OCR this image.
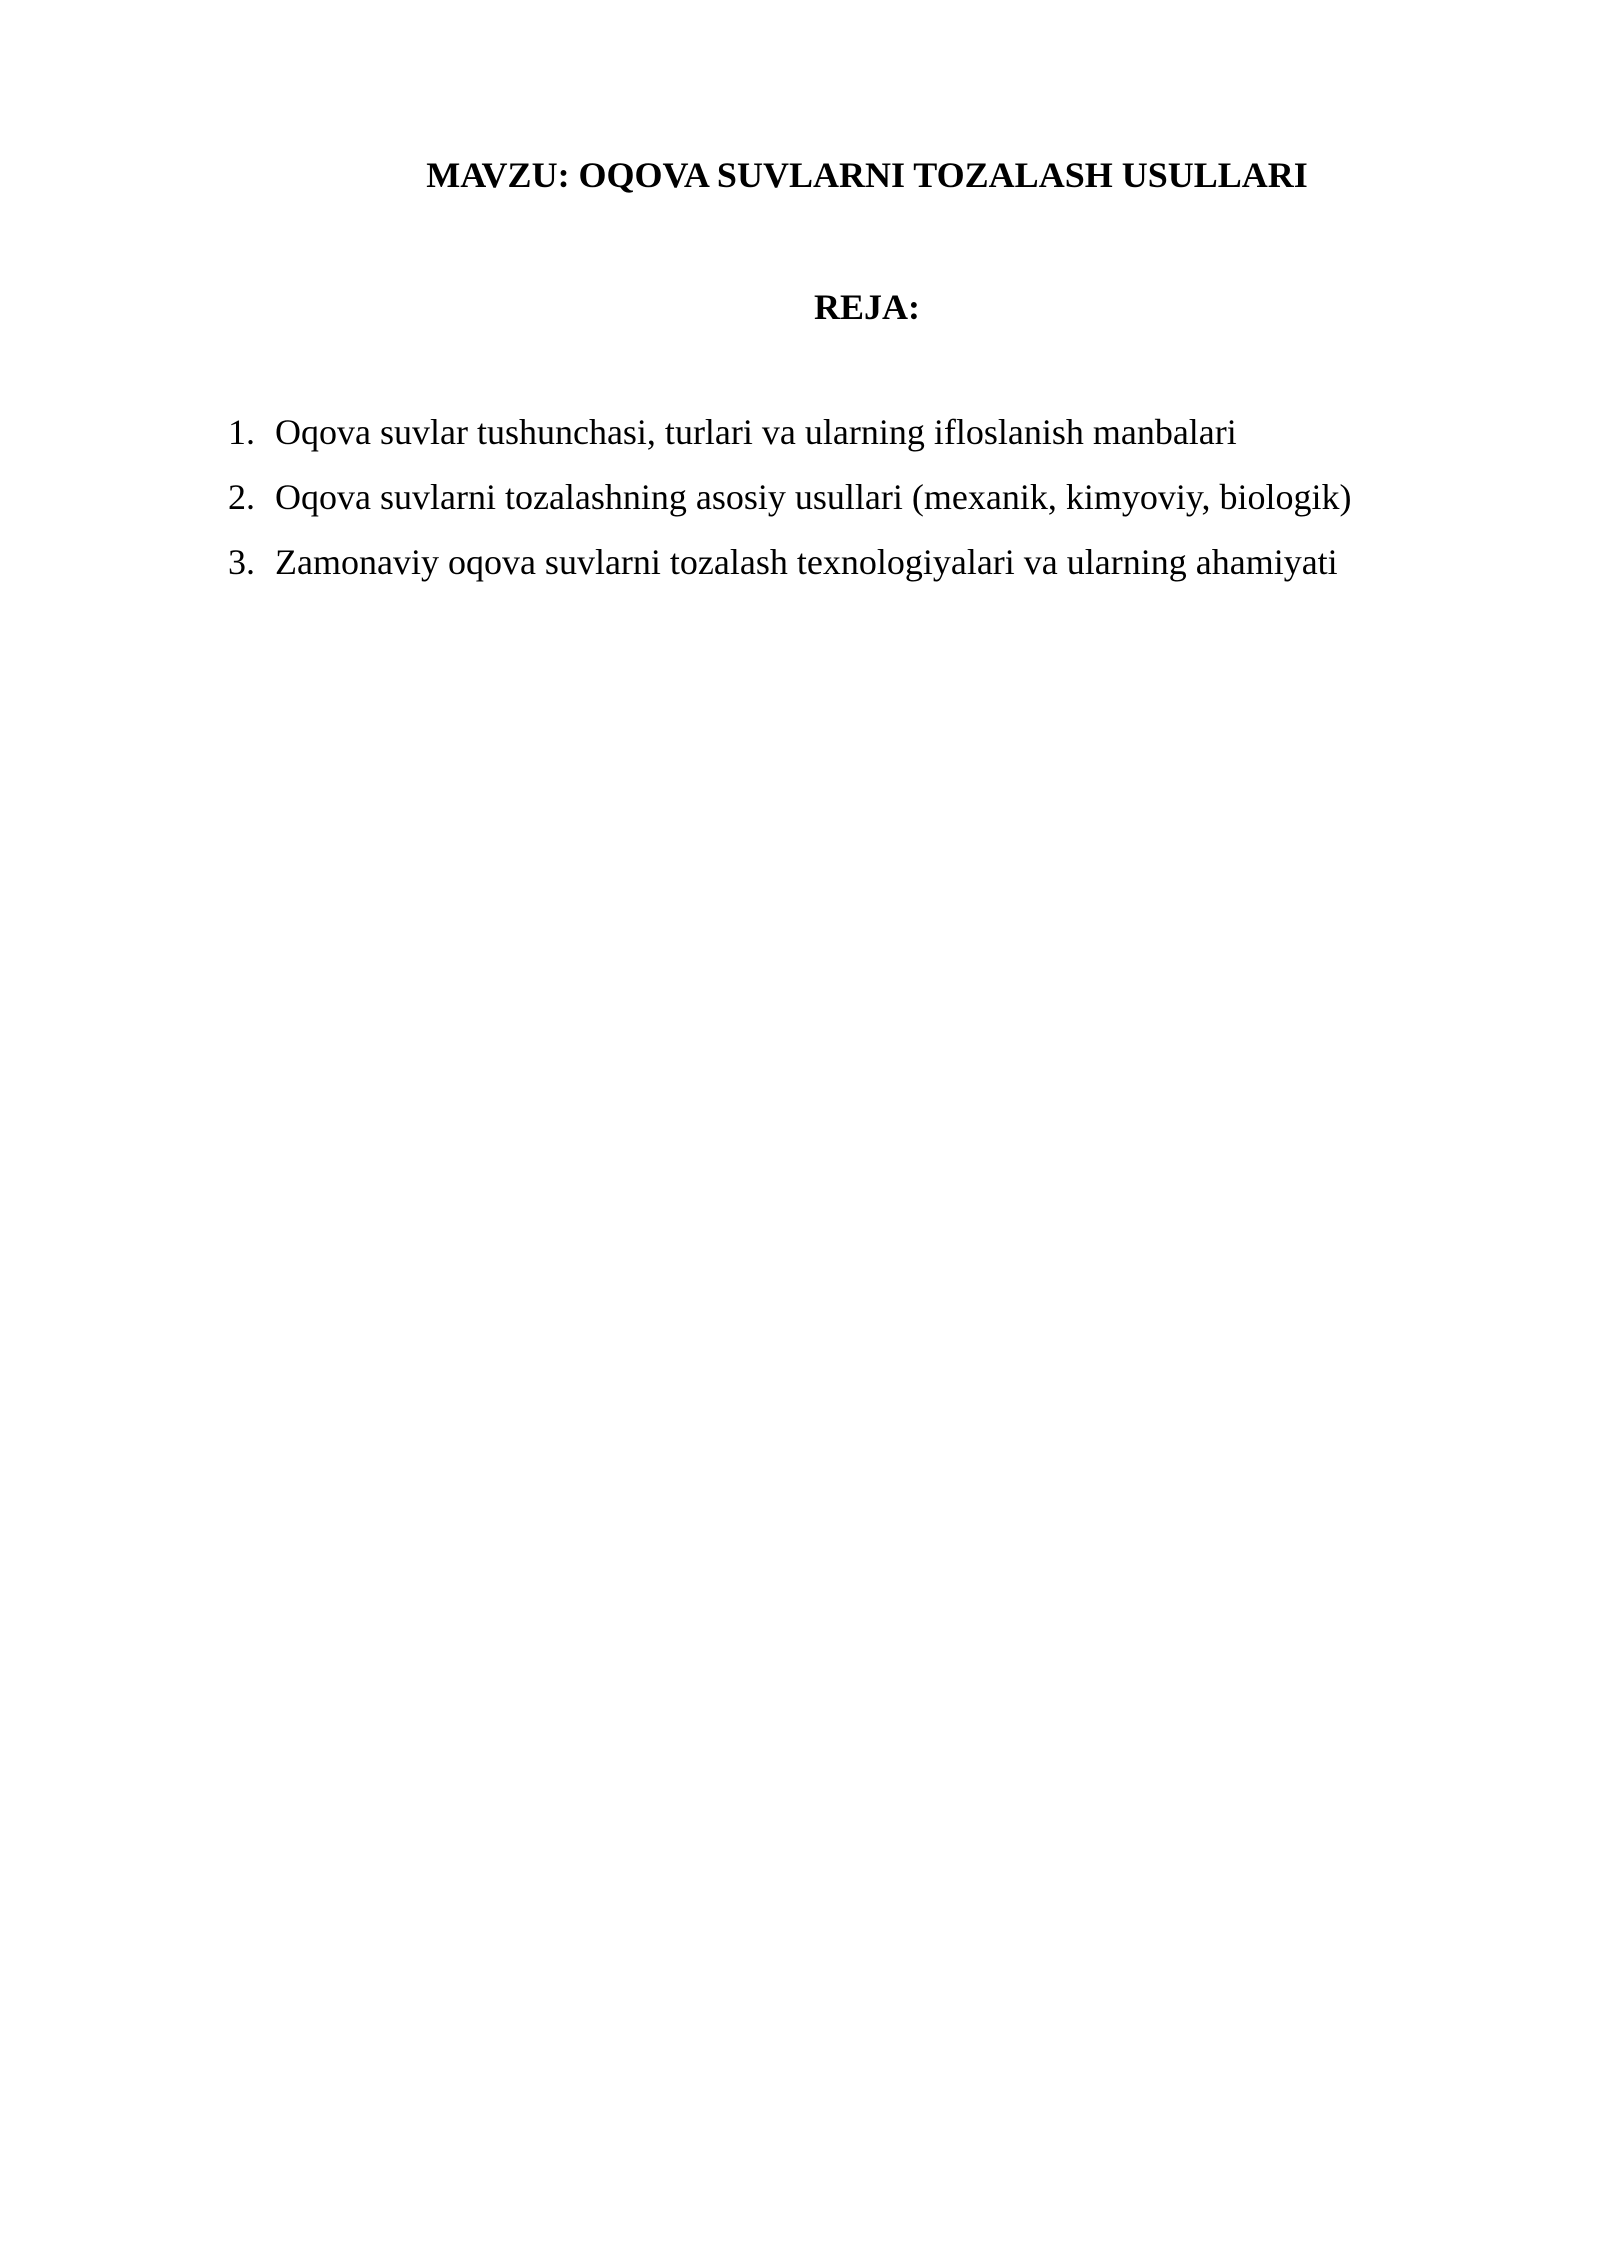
MAVZU: OQOVA SUVLARNI TOZALASH USULLARI
REJA:
1. Oqova suvlar tushunchasi, turlari va ularning ifloslanish manbalari
2. Oqova suvlarni tozalashning asosiy usullari (mexanik, kimyoviy, biologik)
3. Zamonaviy oqova suvlarni tozalash texnologiyalari va ularning ahamiyati
